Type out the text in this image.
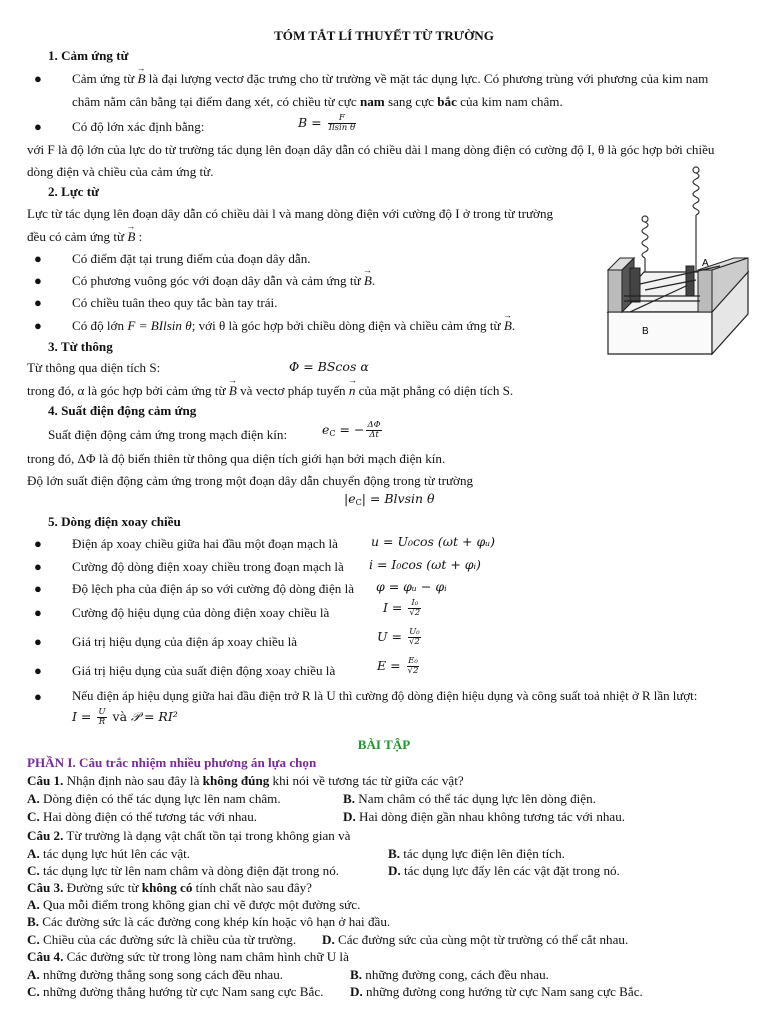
TÓM TẮT LÍ THUYẾT TỪ TRƯỜNG
1. Cảm ứng từ
● Cảm ứng từ → B là đại lượng vectơ đặc trưng cho từ trường về mặt tác dụng lực. Có phương trùng với phương của kim nam
châm nằm cân bằng tại điểm đang xét, có chiều từ cực nam sang cực bắc của kim nam châm.
● Có độ lớn xác định bằng:	$B = \frac{F}{\text{Ilsin θ}}$
với F là độ lớn của lực do từ trường tác dụng lên đoạn dây dẫn có chiều dài l mang dòng điện có cường độ I, θ là góc hợp bởi chiều
dòng điện và chiều của cảm ứng từ.
2. Lực từ
Lực từ tác dụng lên đoạn dây dẫn có chiều dài l và mang dòng điện với cường độ I ở trong từ trường
đều có cảm ứng từ → B :
● Có điểm đặt tại trung điểm của đoạn dây dẫn.
● Có phương vuông góc với đoạn dây dẫn và cảm ứng từ → B.
● Có chiều tuân theo quy tắc bàn tay trái.
● Có độ lớn F = BIlsin θ; với θ là góc hợp bởi chiều dòng điện và chiều cảm ứng từ → B.
3. Từ thông
Từ thông qua diện tích S:	Φ = BScos α
trong đó, α là góc hợp bởi cảm ứng từ → B và vectơ pháp tuyến → n của mặt phẳng có diện tích S.
4. Suất điện động cảm ứng
Suất điện động cảm ứng trong mạch điện kín:	$e_C$ = − $\frac{\Delta\Phi}{\Delta t}$
trong đó, ΔΦ là độ biến thiên từ thông qua diện tích giới hạn bởi mạch điện kín.
Độ lớn suất điện động cảm ứng trong một đoạn dây dẫn chuyển động trong từ trường
$|e_C| = Blvsin$ θ
5. Dòng điện xoay chiều
● Điện áp xoay chiều giữa hai đầu một đoạn mạch là	u = U₀cos (ωt + φᵤ)
● Cường độ dòng điện xoay chiều trong đoạn mạch là i = I₀cos (ωt + φᵢ)
● Độ lệch pha của điện áp so với cường độ dòng điện là φ = φᵤ − φᵢ
● Cường độ hiệu dụng của dòng điện xoay chiều là	$I = \frac{\text{I₀}}{√2}$
● Giá trị hiệu dụng của điện áp xoay chiều là	$U = \frac{\text{U₀}}{√2}$
● Giá trị hiệu dụng của suất điện động xoay chiều là	$E = \frac{\text{E₀}}{√2}$
● Nếu điện áp hiệu dụng giữa hai đầu điện trở R là U thì cường độ dòng điện hiệu dụng và công suất toả nhiệt ở R lần lượt:
$I = \frac{U}{R}$ và 𝒫 = RI²
BÀI TẬP
PHẦN I. Câu trắc nhiệm nhiều phương án lựa chọn
Câu 1. Nhận định nào sau đây là không đúng khi nói về tương tác từ giữa các vật?
A. Dòng điện có thể tác dụng lực lên nam châm.	B. Nam châm có thể tác dụng lực lên dòng điện.
C. Hai dòng điện có thể tương tác với nhau.	D. Hai dòng điện gần nhau không tương tác với nhau.
Câu 2. Từ trường là dạng vật chất tồn tại trong không gian và
A. tác dụng lực hút lên các vật.	B. tác dụng lực điện lên điện tích.
C. tác dụng lực từ lên nam châm và dòng điện đặt trong nó.	D. tác dụng lực đẩy lên các vật đặt trong nó.
Câu 3. Đường sức từ không có tính chất nào sau đây?
A. Qua mỗi điểm trong không gian chỉ vẽ được một đường sức.
B. Các đường sức là các đường cong khép kín hoặc vô hạn ở hai đầu.
C. Chiều của các đường sức là chiều của từ trường. D. Các đường sức của cùng một từ trường có thể cắt nhau.
Câu 4. Các đường sức từ trong lòng nam châm hình chữ U là
A. những đường thẳng song song cách đều nhau.	B. những đường cong, cách đều nhau.
C. những đường thẳng hướng từ cực Nam sang cực Bắc. D. những đường cong hướng từ cực Nam sang cực Bắc.
A
B
